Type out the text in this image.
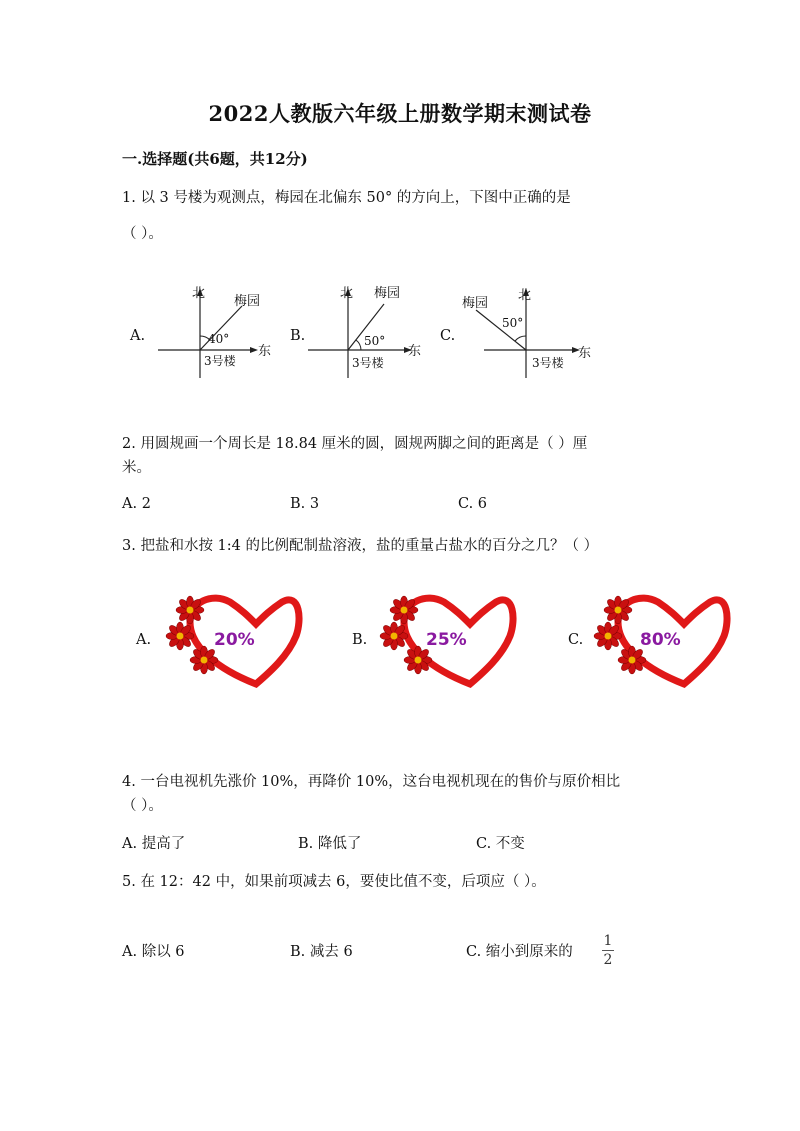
2022人教版六年级上册数学期末测试卷
一.选择题(共6题，共12分)
1. 以 3 号楼为观测点，梅园在北偏东 50° 的方向上，下图中正确的是
（ ）。
A.
北
梅园
40°
东
3号楼
B.
北 梅园
50°
东
3号楼
C.
北
梅园
50°
东
3号楼
2. 用圆规画一个周长是 18.84 厘米的圆，圆规两脚之间的距离是（ ）厘
米。
A. 2	B. 3	C. 6
3. 把盐和水按 1:4 的比例配制盐溶液，盐的重量占盐水的百分之几？（ ）
A.	20%	B.	25%	C.	80%
4. 一台电视机先涨价 10%，再降价 10%，这台电视机现在的售价与原价相比
（ ）。
A. 提高了	B. 降低了	C. 不变
5. 在 12：42 中，如果前项减去 6，要使比值不变，后项应（ ）。
A. 除以 6	B. 减去 6	C. 缩小到原来的
1
2
